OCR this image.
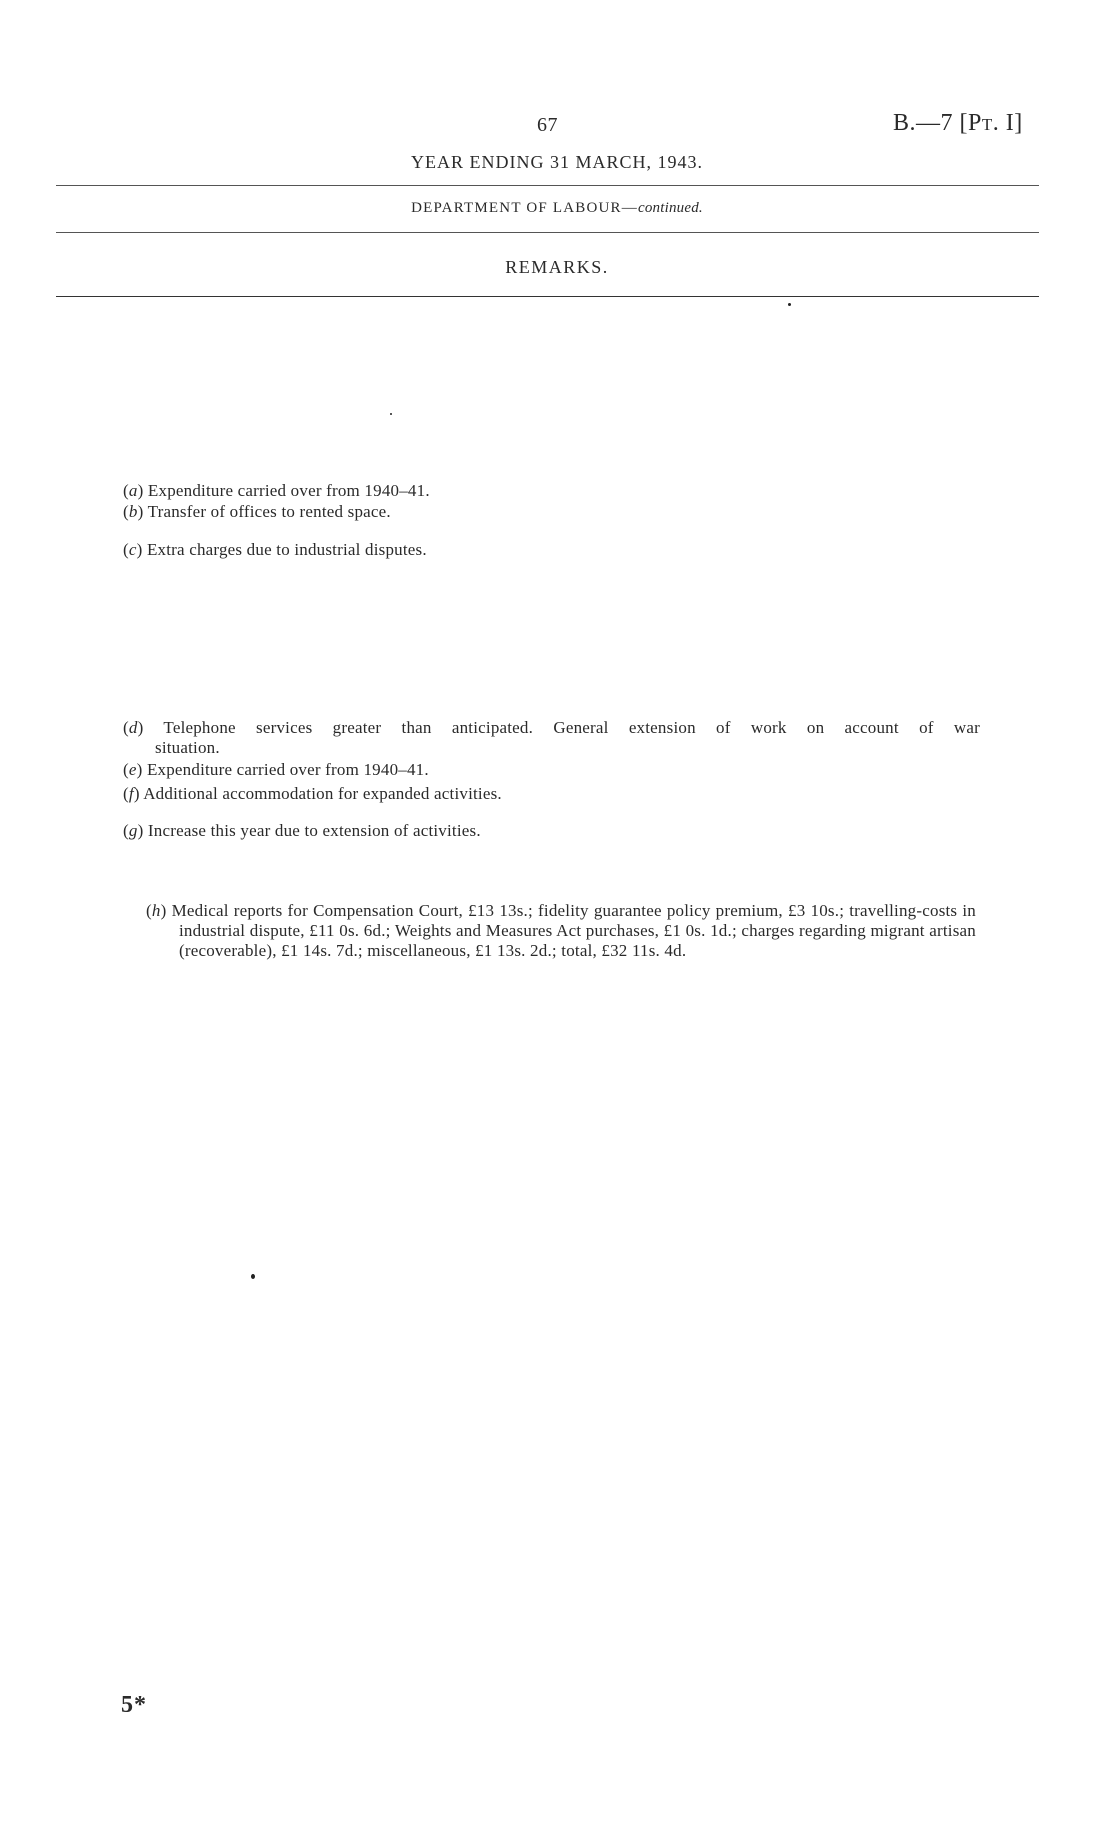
67	B.—7 [Pt. I]
YEAR ENDING 31 MARCH, 1943.
DEPARTMENT OF LABOUR—continued.
REMARKS.
(a) Expenditure carried over from 1940–41.
(b) Transfer of offices to rented space.
(c) Extra charges due to industrial disputes.
(d) Telephone services greater than anticipated. General extension of work on account of war
situation.
(e) Expenditure carried over from 1940–41.
(f) Additional accommodation for expanded activities.
(g) Increase this year due to extension of activities.
(h) Medical reports for Compensation Court, £13 13s.; fidelity guarantee policy premium, £3 10s.; travelling-costs in industrial dispute, £11 0s. 6d.; Weights and Measures Act purchases, £1 0s. 1d.; charges regarding migrant artisan (recoverable), £1 14s. 7d.; miscellaneous, £1 13s. 2d.; total, £32 11s. 4d.
5*
